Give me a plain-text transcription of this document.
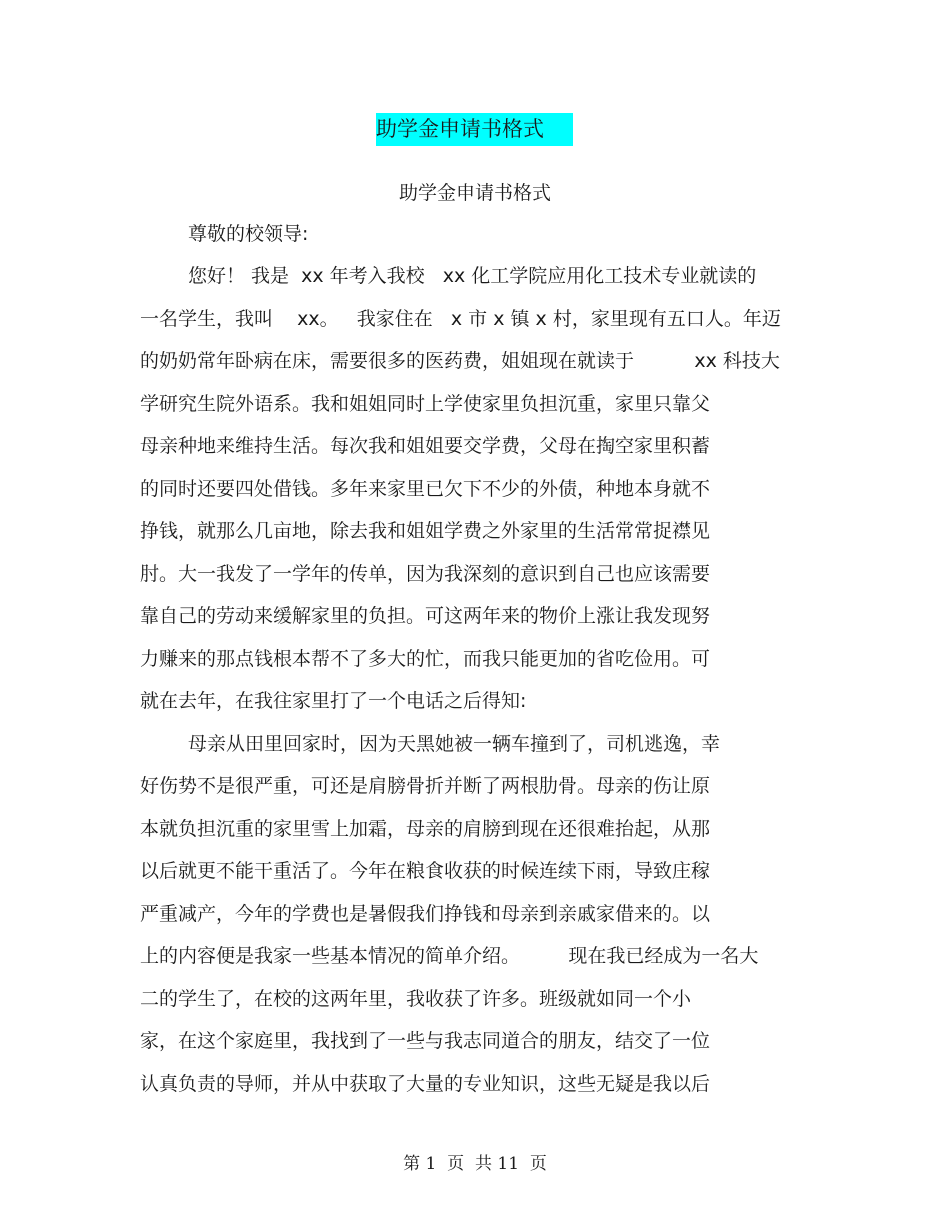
助学金申请书格式
助学金申请书格式
尊敬的校领导:
您好！ 我是  xx 年考入我校   xx 化工学院应用化工技术专业就读的
一名学生，我叫    xx。   我家住在   x 市 x 镇 x 村，家里现有五口人。年迈
的奶奶常年卧病在床，需要很多的医药费，姐姐现在就读于          xx 科技大
学研究生院外语系。我和姐姐同时上学使家里负担沉重，家里只靠父
母亲种地来维持生活。每次我和姐姐要交学费，父母在掏空家里积蓄
的同时还要四处借钱。多年来家里已欠下不少的外债，种地本身就不
挣钱，就那么几亩地，除去我和姐姐学费之外家里的生活常常捉襟见
肘。大一我发了一学年的传单，因为我深刻的意识到自己也应该需要
靠自己的劳动来缓解家里的负担。可这两年来的物价上涨让我发现努
力赚来的那点钱根本帮不了多大的忙，而我只能更加的省吃俭用。可
就在去年，在我往家里打了一个电话之后得知:
母亲从田里回家时，因为天黑她被一辆车撞到了，司机逃逸，幸
好伤势不是很严重，可还是肩膀骨折并断了两根肋骨。母亲的伤让原
本就负担沉重的家里雪上加霜，母亲的肩膀到现在还很难抬起，从那
以后就更不能干重活了。今年在粮食收获的时候连续下雨，导致庄稼
严重减产，今年的学费也是暑假我们挣钱和母亲到亲戚家借来的。以
上的内容便是我家一些基本情况的简单介绍。        现在我已经成为一名大
二的学生了，在校的这两年里，我收获了许多。班级就如同一个小
家，在这个家庭里，我找到了一些与我志同道合的朋友，结交了一位
认真负责的导师，并从中获取了大量的专业知识，这些无疑是我以后
第 1  页  共 11  页
